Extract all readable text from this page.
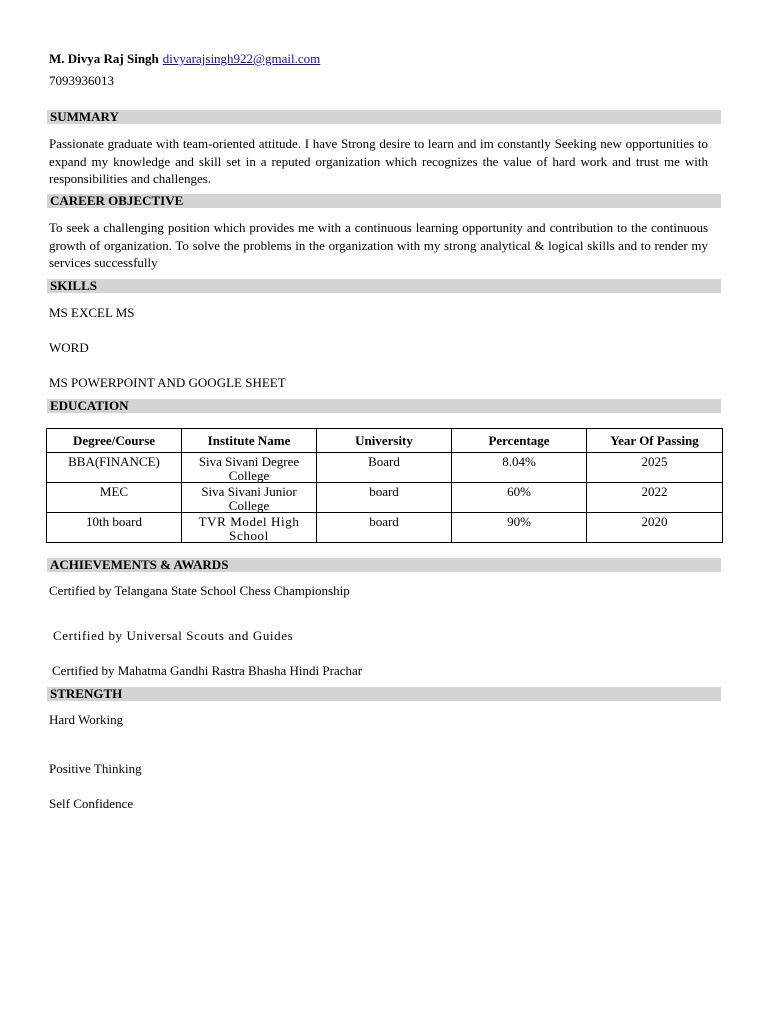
M. Divya Raj Singh divyarajsingh922@gmail.com
7093936013
SUMMARY
Passionate graduate with team-oriented attitude. I have Strong desire to learn and im constantly Seeking new opportunities to expand my knowledge and skill set in a reputed organization which recognizes the value of hard work and trust me with responsibilities and challenges.
CAREER OBJECTIVE
To seek a challenging position which provides me with a continuous learning opportunity and contribution to the continuous growth of organization. To solve the problems in the organization with my strong analytical & logical skills and to render my services successfully
SKILLS
MS EXCEL MS
WORD
MS POWERPOINT AND GOOGLE SHEET
EDUCATION
Degree/Course	Institute Name	University	Percentage	Year Of Passing
BBA(FINANCE)	Siva Sivani Degree College	Board	8.04%	2025
MEC	Siva Sivani Junior College	board	60%	2022
10th board	TVR Model High School	board	90%	2020
ACHIEVEMENTS & AWARDS
Certified by Telangana State School Chess Championship
Certified by Universal Scouts and Guides
Certified by Mahatma Gandhi Rastra Bhasha Hindi Prachar
STRENGTH
Hard Working
Positive Thinking
Self Confidence
